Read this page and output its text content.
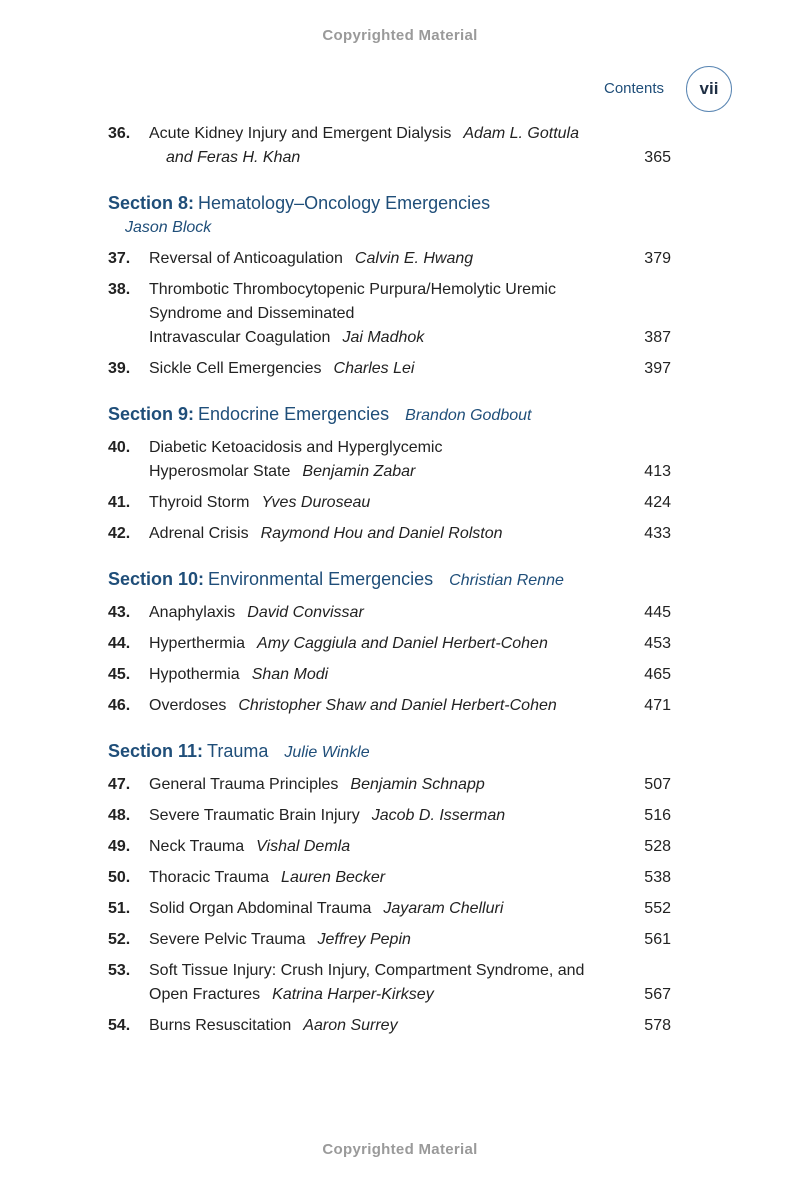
Copyrighted Material
Contents vii
36.	Acute Kidney Injury and Emergent Dialysis Adam L. Gottula
and Feras H. Khan	365
Section 8: Hematology–Oncology Emergencies
Jason Block
37.	Reversal of Anticoagulation Calvin E. Hwang	379
38.	Thrombotic Thrombocytopenic Purpura/Hemolytic Uremic
Syndrome and Disseminated
Intravascular Coagulation Jai Madhok	387
39.	Sickle Cell Emergencies Charles Lei	397
Section 9: Endocrine Emergencies Brandon Godbout
40.	Diabetic Ketoacidosis and Hyperglycemic
Hyperosmolar State Benjamin Zabar	413
41.	Thyroid Storm Yves Duroseau	424
42.	Adrenal Crisis Raymond Hou and Daniel Rolston	433
Section 10: Environmental Emergencies Christian Renne
43.	Anaphylaxis David Convissar	445
44.	Hyperthermia Amy Caggiula and Daniel Herbert-Cohen	453
45.	Hypothermia Shan Modi	465
46.	Overdoses Christopher Shaw and Daniel Herbert-Cohen	471
Section 11: Trauma Julie Winkle
47.	General Trauma Principles Benjamin Schnapp	507
48.	Severe Traumatic Brain Injury Jacob D. Isserman	516
49.	Neck Trauma Vishal Demla	528
50.	Thoracic Trauma Lauren Becker	538
51.	Solid Organ Abdominal Trauma Jayaram Chelluri	552
52.	Severe Pelvic Trauma Jeffrey Pepin	561
53.	Soft Tissue Injury: Crush Injury, Compartment Syndrome, and
Open Fractures Katrina Harper-Kirksey	567
54.	Burns Resuscitation Aaron Surrey	578
Copyrighted Material
